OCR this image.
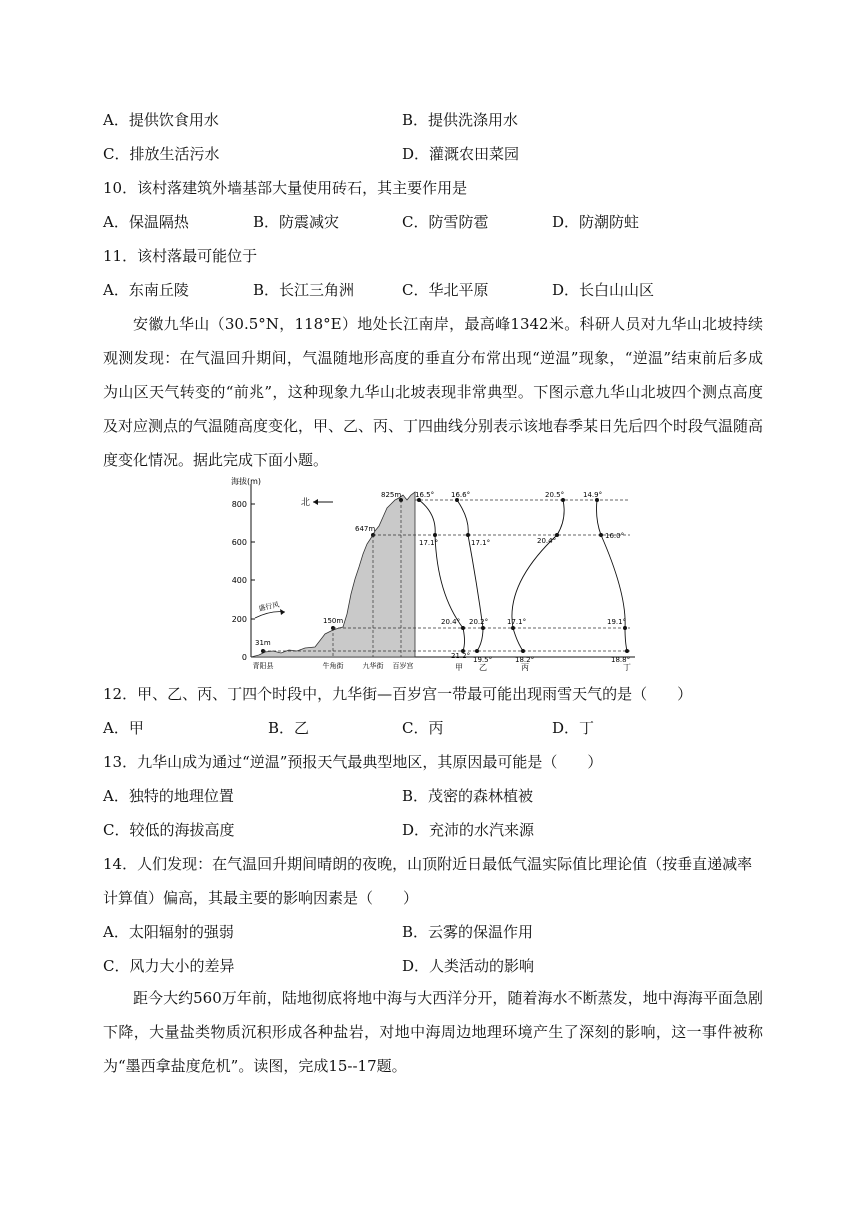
A．提供饮食用水	B．提供洗涤用水
C．排放生活污水	D．灌溉农田菜园
10．该村落建筑外墙基部大量使用砖石，其主要作用是
A．保温隔热	B．防震减灾	C．防雪防雹	D．防潮防蛀
11．该村落最可能位于
A．东南丘陵	B．长江三角洲	C．华北平原	D．长白山山区
安徽九华山（30.5°N，118°E）地处长江南岸，最高峰1342米。科研人员对九华山北坡持续观测发现：在气温回升期间，气温随地形高度的垂直分布常出现“逆温”现象，“逆温”结束前后多成为山区天气转变的“前兆”，这种现象九华山北坡表现非常典型。下图示意九华山北坡四个测点高度及对应测点的气温随高度变化，甲、乙、丙、丁四曲线分别表示该地春季某日先后四个时段气温随高度变化情况。据此完成下面小题。
海拔(m)
0
200
400
600
800	北
盛行风
31m
150m
647m
825m
青阳县	牛角街	九华街 百岁宫
16.5°
17.1°
20.4°
21.2°
16.6°
17.1°
20.2°
19.5°
20.5°
20.4°
17.1°
18.2°
14.9°
16.0°
19.1°
18.8°
甲 乙	丙	丁
12．甲、乙、丙、丁四个时段中，九华街—百岁宫一带最可能出现雨雪天气的是（　　）
A．甲	B．乙	C．丙	D．丁
13．九华山成为通过“逆温”预报天气最典型地区，其原因最可能是（　　）
A．独特的地理位置	B．茂密的森林植被
C．较低的海拔高度	D．充沛的水汽来源
14．人们发现：在气温回升期间晴朗的夜晚，山顶附近日最低气温实际值比理论值（按垂直递减率
计算值）偏高，其最主要的影响因素是（　　）
A．太阳辐射的强弱	B．云雾的保温作用
C．风力大小的差异	D．人类活动的影响
距今大约560万年前，陆地彻底将地中海与大西洋分开，随着海水不断蒸发，地中海海平面急剧下降，大量盐类物质沉积形成各种盐岩，对地中海周边地理环境产生了深刻的影响，这一事件被称为“墨西拿盐度危机”。读图，完成15--17题。
